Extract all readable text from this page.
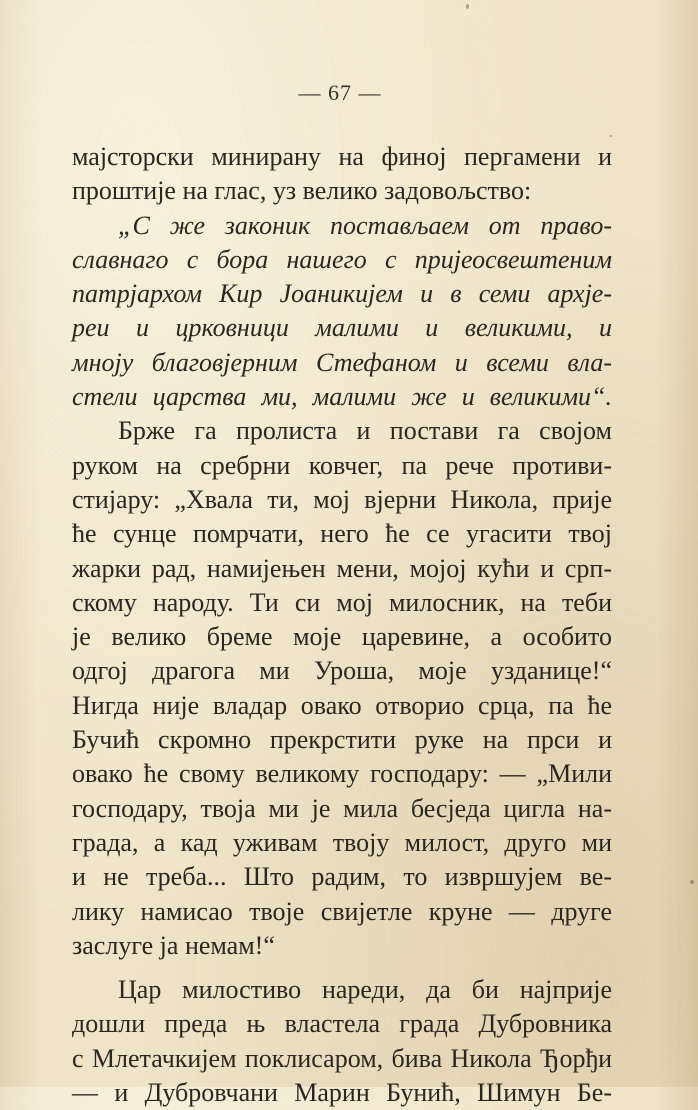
— 67 —
мајсторски минирану на финој пергамени и
проштије на глас, уз велико задовољство:
„С же законик постављаем от право-
славнаго с бора нашего с пријеосвештеним
патрјархом Кир Јоаникијем и в семи архје-
реи и црковници малими и великими, и
мноју благовјерним Стефаном и всеми вла-
стели царства ми, малими же и великими“.
Брже га пролиста и постави га својом
руком на сребрни ковчег, па рече противи-
стијару: „Хвала ти, мој вјерни Никола, прије
ће сунце помрчати, него ће се угасити твој
жарки рад, намијењен мени, мојој кући и срп-
скому народу. Ти си мој милосник, на теби
је велико бреме моје царевине, а особито
одгој драгога ми Уроша, моје узданице!“
Нигда није владар овако отворио срца, па ће
Бучић скромно прекрстити руке на прси и
овако ће свому великому господару: — „Мили
господару, твоја ми је мила бесједа цигла на-
града, а кад уживам твоју милост, друго ми
и не треба... Што радим, то извршујем ве-
лику намисао твоје свијетле круне — друге
заслуге ја немам!“
Цар милостиво нареди, да би најприје
дошли преда њ властела града Дубровника
с Млетачкијем поклисаром, бива Никола Ђорђи
— и Дубровчани Марин Бунић, Шимун Бе-
